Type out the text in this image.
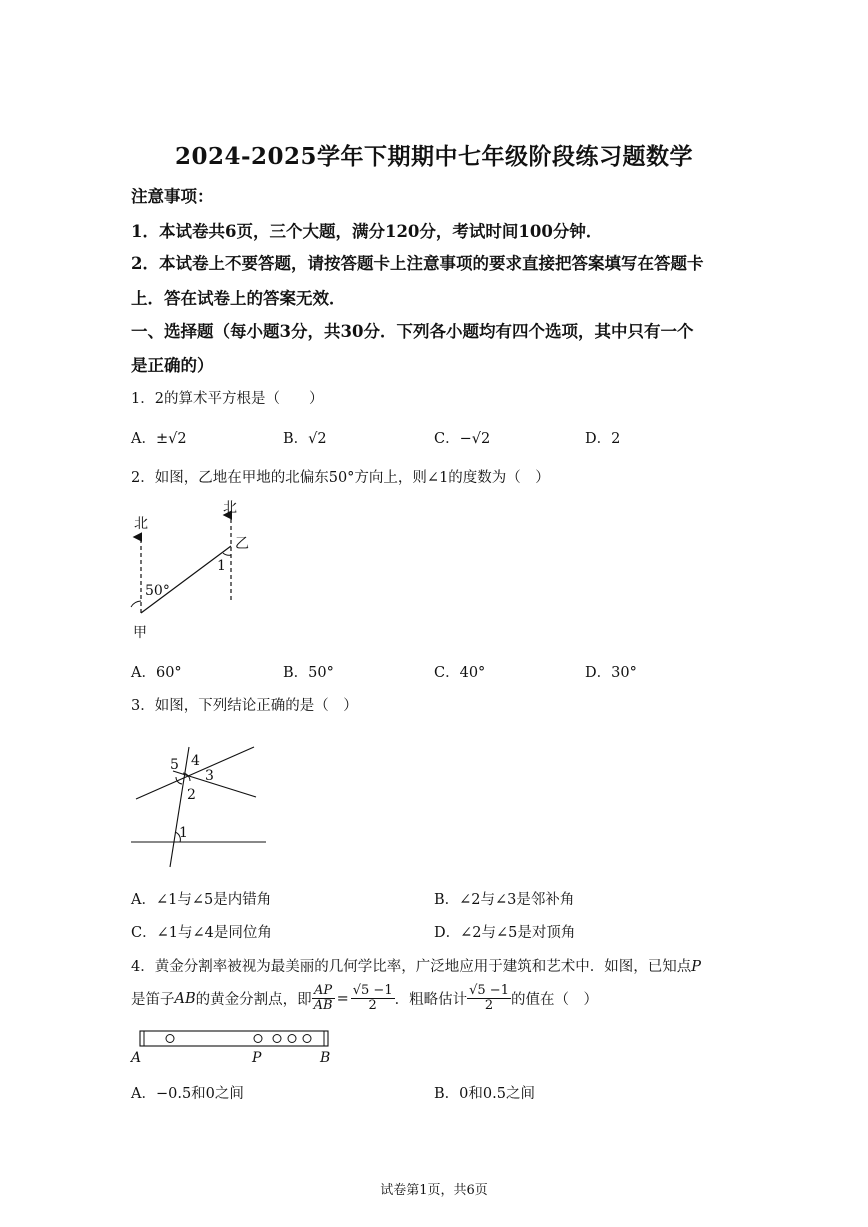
2024-2025学年下期期中七年级阶段练习题数学
注意事项：
1．本试卷共6页，三个大题，满分120分，考试时间100分钟．
2．本试卷上不要答题，请按答题卡上注意事项的要求直接把答案填写在答题卡
上．答在试卷上的答案无效．
一、选择题（每小题3分，共30分．下列各小题均有四个选项，其中只有一个
是正确的）
1．2的算术平方根是（　　）
A．±√2	B．√2	C．−√2	D．2
2．如图，乙地在甲地的北偏东50°方向上，则∠1的度数为（　）
北
北
乙
50°
1
甲
A．60°	B．50°	C．40°	D．30°
3．如图，下列结论正确的是（　）
5 4
3
2
1
A．∠1与∠5是内错角	B．∠2与∠3是邻补角
C．∠1与∠4是同位角	D．∠2与∠5是对顶角
4．黄金分割率被视为最美丽的几何学比率，广泛地应用于建筑和艺术中．如图，已知点P
是笛子 AB 的黄金分割点，即 $\frac{AP}{AB} = \frac{√5 -1}{2}$ ．粗略估计 $\frac{√5 -1}{2}$ 的值在（　）
A	P	B
A．−0.5和0之间	B．0和0.5之间
试卷第1页，共6页
